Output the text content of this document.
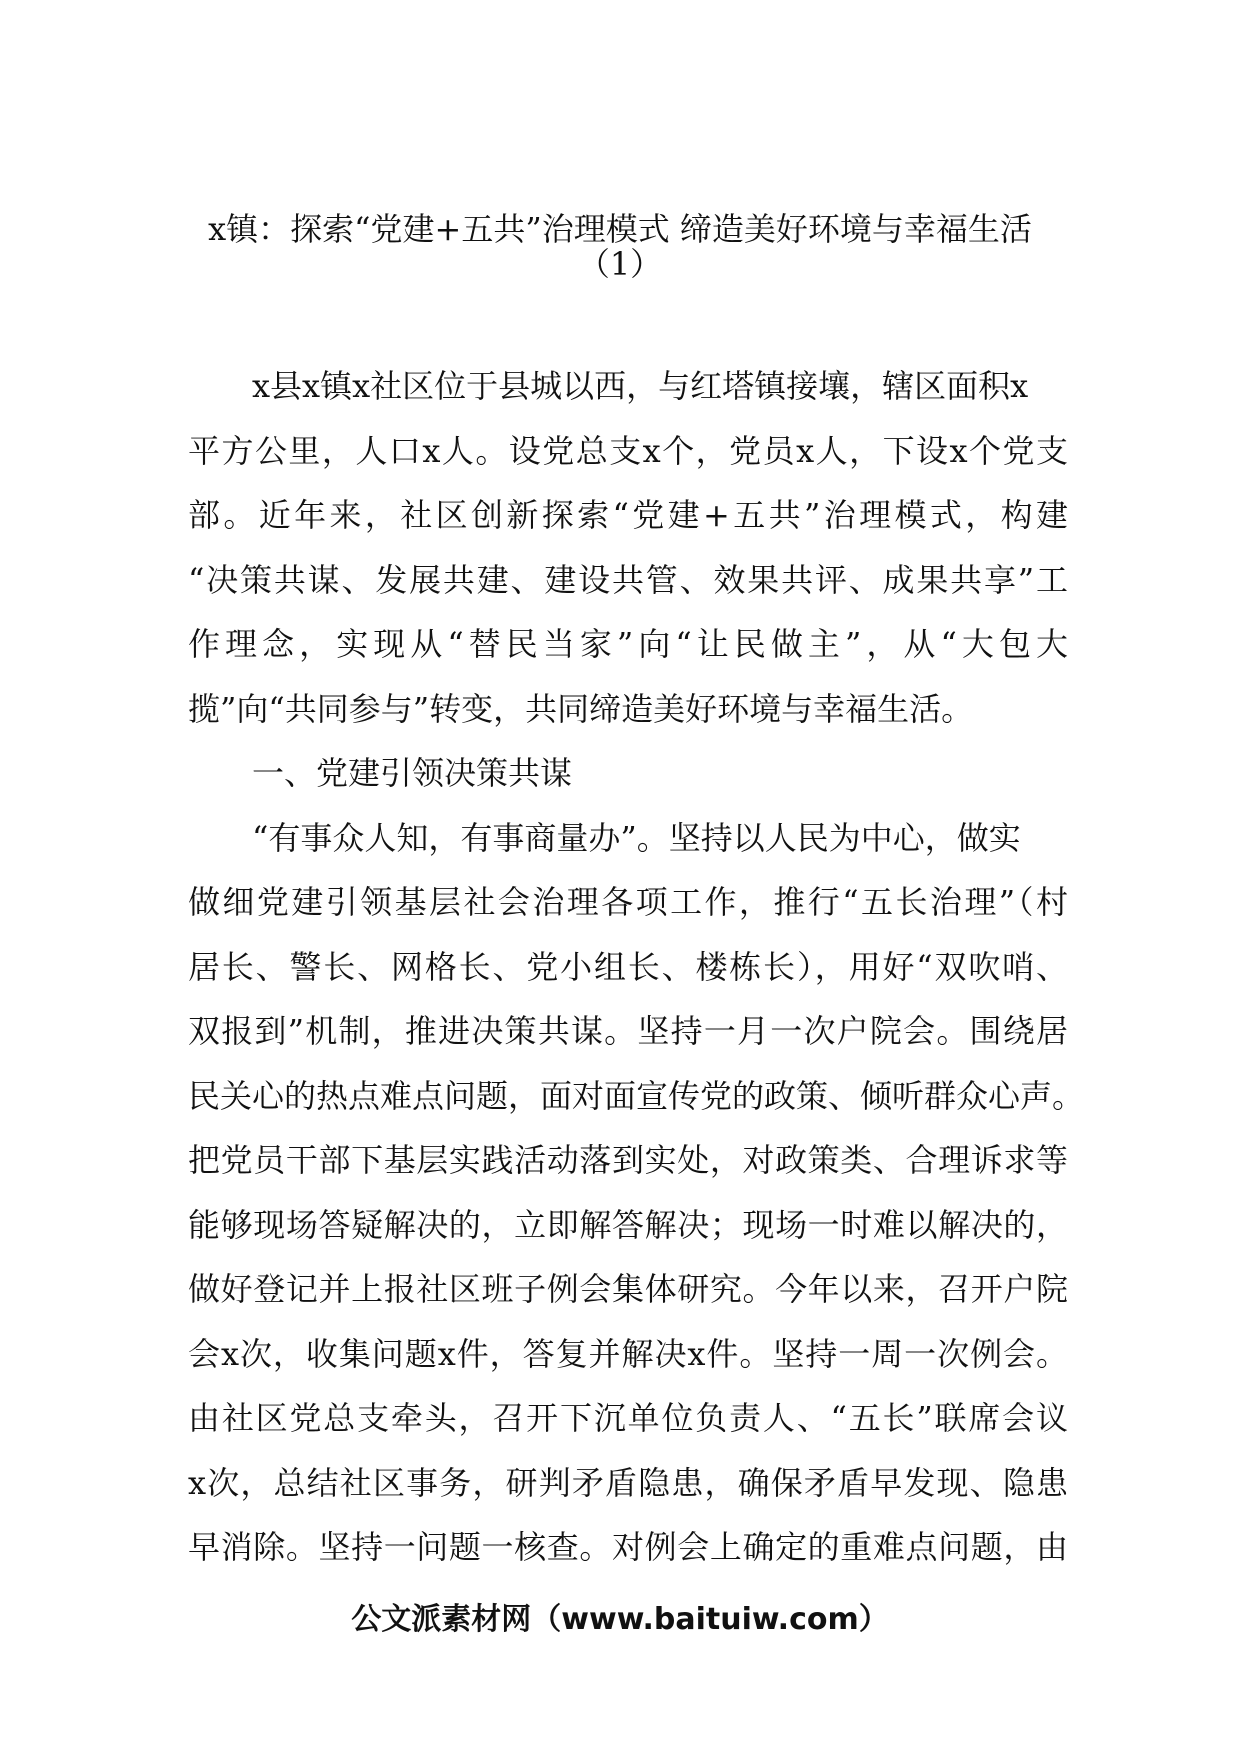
x镇：探索“党建+五共”治理模式 缔造美好环境与幸福生活
（1）
　x县x镇x社区位于县城以西，与红塔镇接壤，辖区面积x
平方公里，人口x人。设党总支x个，党员x人，下设x个党支
部。近年来，社区创新探索“党建+五共”治理模式，构建
“决策共谋、发展共建、建设共管、效果共评、成果共享”工
作理念，实现从“替民当家”向“让民做主”，从“大包大
揽”向“共同参与”转变，共同缔造美好环境与幸福生活。
　一、党建引领决策共谋
　“有事众人知，有事商量办”。坚持以人民为中心，做实
做细党建引领基层社会治理各项工作，推行“五长治理”（村
居长、警长、网格长、党小组长、楼栋长），用好“双吹哨、
双报到”机制，推进决策共谋。坚持一月一次户院会。围绕居
民关心的热点难点问题，面对面宣传党的政策、倾听群众心声。
把党员干部下基层实践活动落到实处，对政策类、合理诉求等
能够现场答疑解决的，立即解答解决；现场一时难以解决的，
做好登记并上报社区班子例会集体研究。今年以来，召开户院
会x次，收集问题x件，答复并解决x件。坚持一周一次例会。
由社区党总支牵头，召开下沉单位负责人、“五长”联席会议
x次，总结社区事务，研判矛盾隐患，确保矛盾早发现、隐患
早消除。坚持一问题一核查。对例会上确定的重难点问题，由
公文派素材网（www.baituiw.com）
